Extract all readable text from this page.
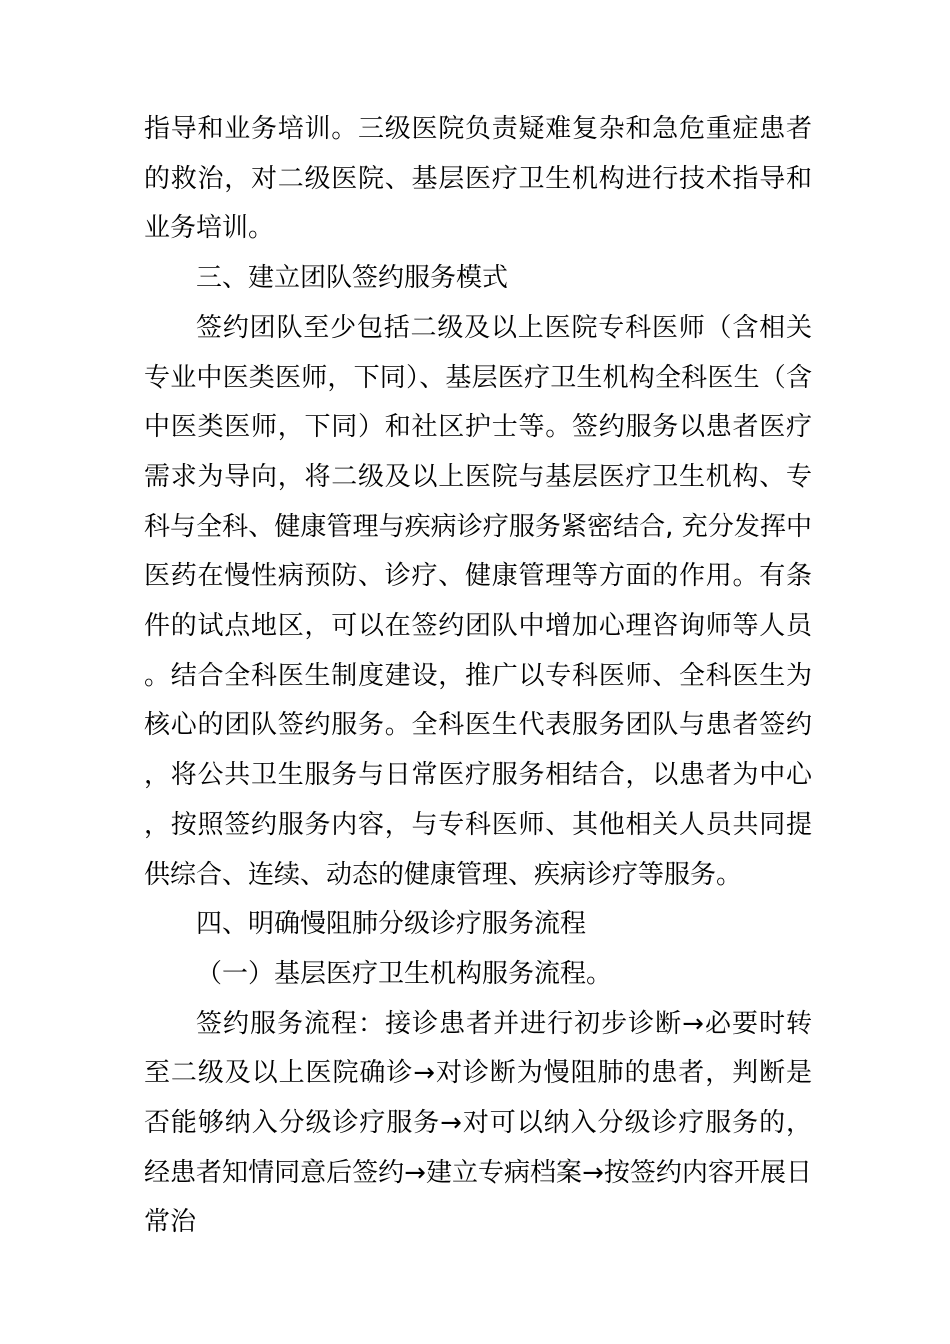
指导和业务培训。三级医院负责疑难复杂和急危重症患者的救治，对二级医院、基层医疗卫生机构进行技术指导和业务培训。

三、建立团队签约服务模式

签约团队至少包括二级及以上医院专科医师（含相关专业中医类医师，下同）、基层医疗卫生机构全科医生（含中医类医师，下同）和社区护士等。签约服务以患者医疗需求为导向，将二级及以上医院与基层医疗卫生机构、专科与全科、健康管理与疾病诊疗服务紧密结合, 充分发挥中医药在慢性病预防、诊疗、健康管理等方面的作用。有条件的试点地区，可以在签约团队中增加心理咨询师等人员。结合全科医生制度建设，推广以专科医师、全科医生为核心的团队签约服务。全科医生代表服务团队与患者签约，将公共卫生服务与日常医疗服务相结合，以患者为中心，按照签约服务内容，与专科医师、其他相关人员共同提供综合、连续、动态的健康管理、疾病诊疗等服务。

四、明确慢阻肺分级诊疗服务流程

（一）基层医疗卫生机构服务流程。

签约服务流程：接诊患者并进行初步诊断→必要时转至二级及以上医院确诊→对诊断为慢阻肺的患者，判断是否能够纳入分级诊疗服务→对可以纳入分级诊疗服务的，经患者知情同意后签约→建立专病档案→按签约内容开展日常治
